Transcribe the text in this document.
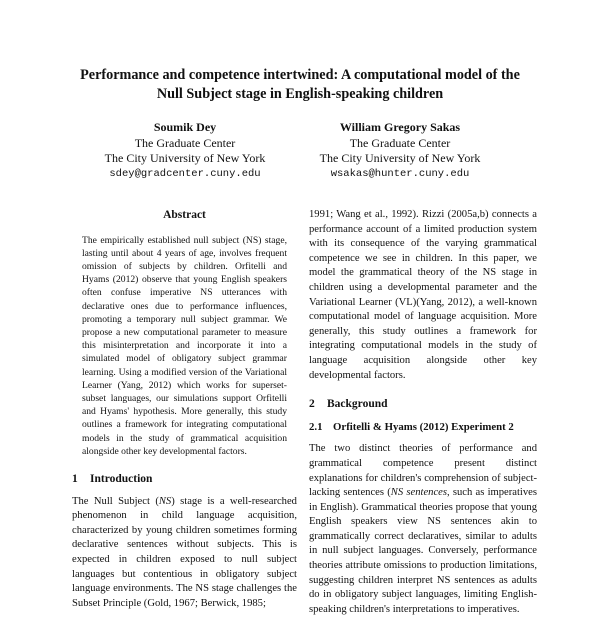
Performance and competence intertwined: A computational model of the
Null Subject stage in English-speaking children
Soumik Dey
The Graduate Center
The City University of New York
sdey@gradcenter.cuny.edu
William Gregory Sakas
The Graduate Center
The City University of New York
wsakas@hunter.cuny.edu
Abstract

The empirically established null subject (NS) stage, lasting until about 4 years of age, involves frequent omission of subjects by children. Orfitelli and Hyams (2012) observe that young English speakers often confuse imperative NS utterances with declarative ones due to performance influences, promoting a temporary null subject grammar. We propose a new computational parameter to measure this misinterpretation and incorporate it into a simulated model of obligatory subject grammar learning. Using a modified version of the Variational Learner (Yang, 2012) which works for superset-subset languages, our simulations support Orfitelli and Hyams' hypothesis. More generally, this study outlines a framework for integrating computational models in the study of grammatical acquisition alongside other key developmental factors.

1 Introduction

The Null Subject (NS) stage is a well-researched phenomenon in child language acquisition, characterized by young children sometimes forming declarative sentences without subjects. This is expected in children exposed to null subject languages but contentious in obligatory subject language environments. The NS stage challenges the Subset Principle (Gold, 1967; Berwick, 1985;

1991; Wang et al., 1992). Rizzi (2005a,b) connects a performance account of a limited production system with its consequence of the varying grammatical competence we see in children. In this paper, we model the grammatical theory of the NS stage in children using a developmental parameter and the Variational Learner (VL)(Yang, 2012), a well-known computational model of language acquisition. More generally, this study outlines a framework for integrating computational models in the study of language acquisition alongside other key developmental factors.

2 Background
2.1 Orfitelli & Hyams (2012) Experiment 2

The two distinct theories of performance and grammatical competence present distinct explanations for children's comprehension of subject-lacking sentences (NS sentences, such as imperatives in English). Grammatical theories propose that young English speakers view NS sentences akin to grammatically correct declaratives, similar to adults in null subject languages. Conversely, performance theories attribute omissions to production limitations, suggesting children interpret NS sentences as adults do in obligatory subject languages, limiting English-speaking children's interpretations to imperatives.
